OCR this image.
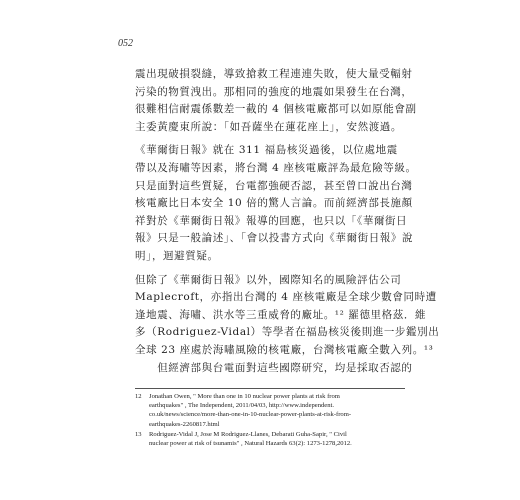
052
震出現破損裂縫，導致搶救工程連連失敗，使大量受輻射
污染的物質洩出。那相同的強度的地震如果發生在台灣，
很難相信耐震係數差一截的 4 個核電廠都可以如原能會副
主委黃慶東所說：「如吾薩坐在蓮花座上」，安然渡過。
《華爾街日報》就在 311 福島核災過後，以位處地震
帶以及海嘯等因素，將台灣 4 座核電廠評為最危險等級。
只是面對這些質疑，台電都強硬否認，甚至曾口說出台灣
核電廠比日本安全 10 倍的驚人言論。而前經濟部長施顏
祥對於《華爾街日報》報導的回應，也只以「《華爾街日
報》只是一般論述」、「會以投書方式向《華爾街日報》說
明」，迴避質疑。
但除了《華爾街日報》以外，國際知名的風險評估公司
Maplecroft，亦指出台灣的 4 座核電廠是全球少數會同時遭
逢地震、海嘯、洪水等三重威脅的廠址。¹² 羅德里格茲．維
多（Rodriguez-Vidal）等學者在福島核災後則進一步鑑別出
全球 23 座處於海嘯風險的核電廠，台灣核電廠全數入列。¹³
　　但經濟部與台電面對這些國際研究，均是採取否認的
12	Jonathan Owen, " More than one in 10 nuclear power plants at risk from
earthquakes" , The Independent, 2011/04/03, http://www.independent.
co.uk/news/science/more-than-one-in-10-nuclear-power-plants-at-risk-from-
earthquakes-2260817.html
13	Rodriguez-Vidal J, Jose M Rodriguez-Llanes, Debarati Guha-Sapir, " Civil
nuclear power at risk of tsunamis" , Natural Hazards 63(2): 1273-1278,2012.
